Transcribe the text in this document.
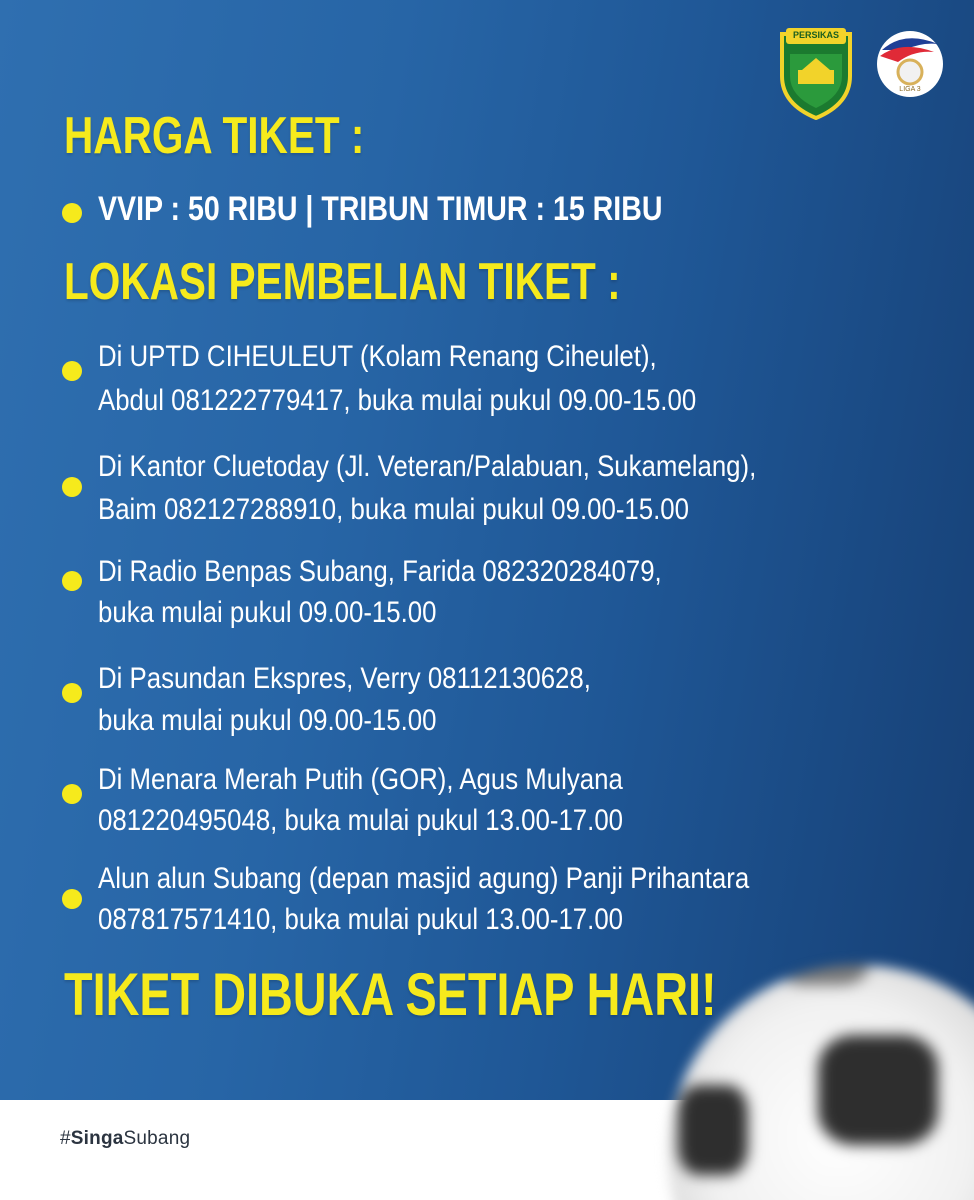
PERSIKAS
LIGA 3
HARGA TIKET :
VVIP : 50 RIBU | TRIBUN TIMUR : 15 RIBU
LOKASI PEMBELIAN TIKET :
Di UPTD CIHEULEUT (Kolam Renang Ciheulet),
Abdul 081222779417, buka mulai pukul 09.00-15.00
Di Kantor Cluetoday (Jl. Veteran/Palabuan, Sukamelang),
Baim 082127288910, buka mulai pukul 09.00-15.00
Di Radio Benpas Subang, Farida 082320284079,
buka mulai pukul 09.00-15.00
Di Pasundan Ekspres, Verry 08112130628,
buka mulai pukul 09.00-15.00
Di Menara Merah Putih (GOR), Agus Mulyana
081220495048, buka mulai pukul 13.00-17.00
Alun alun Subang (depan masjid agung) Panji Prihantara
087817571410, buka mulai pukul 13.00-17.00
TIKET DIBUKA SETIAP HARI!
#SingaSubang
